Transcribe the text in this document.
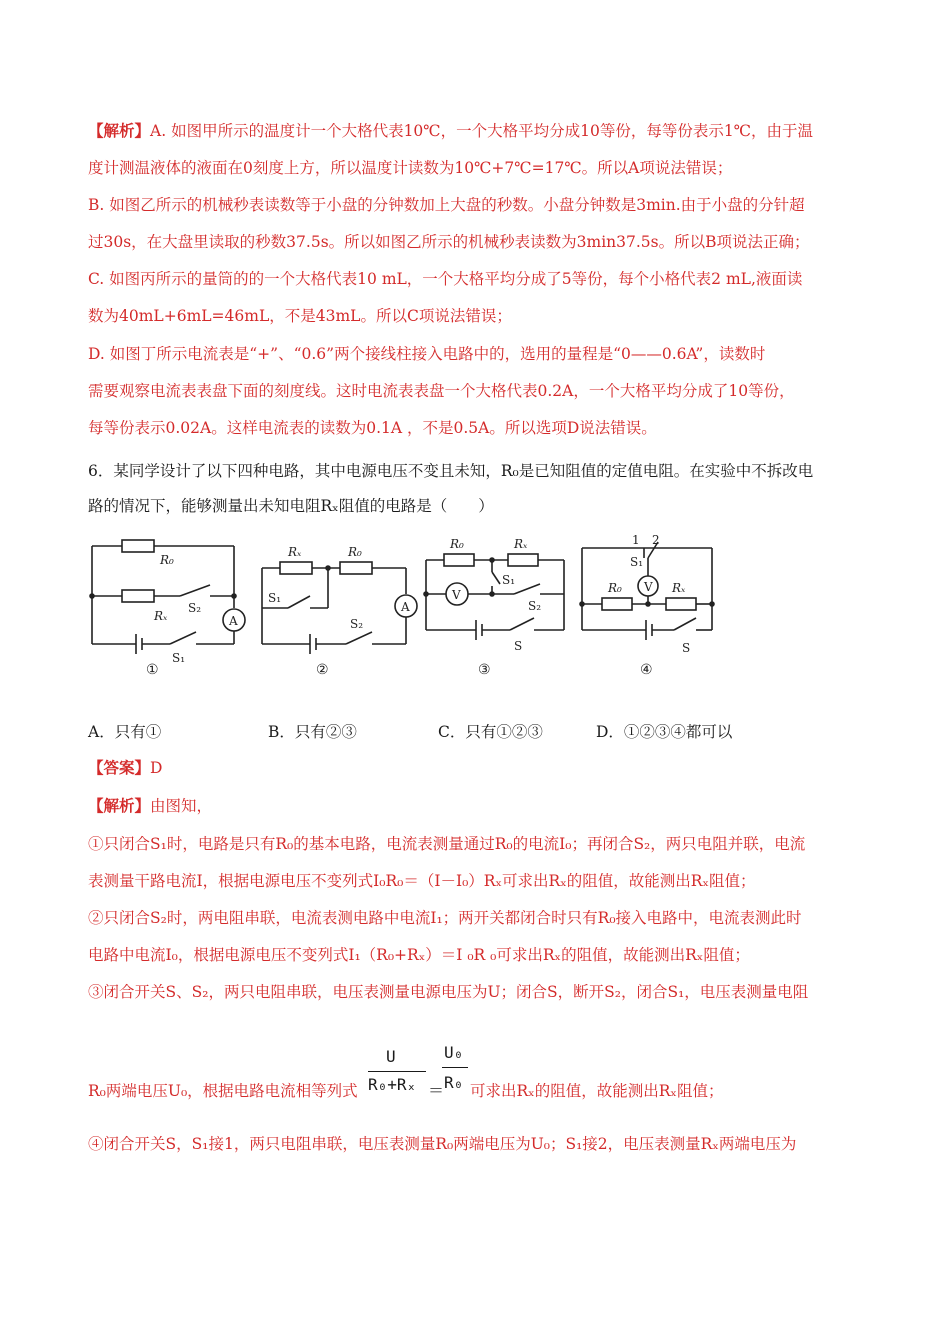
【解析】A. 如图甲所示的温度计一个大格代表10℃，一个大格平均分成10等份，每等份表示1℃，由于温
度计测温液体的液面在0刻度上方，所以温度计读数为10℃+7℃=17℃。所以A项说法错误；
B. 如图乙所示的机械秒表读数等于小盘的分钟数加上大盘的秒数。小盘分钟数是3min.由于小盘的分针超
过30s，在大盘里读取的秒数37.5s。所以如图乙所示的机械秒表读数为3min37.5s。所以B项说法正确；
C. 如图丙所示的量筒的的一个大格代表10 mL，一个大格平均分成了5等份，每个小格代表2 mL,液面读
数为40mL+6mL=46mL，不是43mL。所以C项说法错误；
D. 如图丁所示电流表是“+”、“0.6”两个接线柱接入电路中的，选用的量程是“0——0.6A”，读数时
需要观察电流表表盘下面的刻度线。这时电流表表盘一个大格代表0.2A，一个大格平均分成了10等份，
每等份表示0.02A。这样电流表的读数为0.1A ，不是0.5A。所以选项D说法错误。
6．某同学设计了以下四种电路，其中电源电压不变且未知，R₀是已知阻值的定值电阻。在实验中不拆改电
路的情况下，能够测量出未知电阻Rₓ阻值的电路是（　　）
R₀
Rₓ
S₂
A
S₁
①
Rₓ	R₀
S₁
S₂
A
②
R₀	Rₓ
S₁
V
S₂
S
③
1 2
S₁
V
R₀	Rₓ
S
④
A．只有①	B．只有②③	C．只有①②③	D．①②③④都可以
【答案】D
【解析】由图知，
①只闭合S₁时，电路是只有R₀的基本电路，电流表测量通过R₀的电流I₀；再闭合S₂，两只电阻并联，电流
表测量干路电流I，根据电源电压不变列式I₀R₀＝（I－I₀）Rₓ可求出Rₓ的阻值，故能测出Rₓ阻值；
②只闭合S₂时，两电阻串联，电流表测电路中电流I₁；两开关都闭合时只有R₀接入电路中，电流表测此时
电路中电流I₀，根据电源电压不变列式I₁（R₀+Rₓ）＝I ₀R ₀可求出Rₓ的阻值，故能测出Rₓ阻值；
③闭合开关S、S₂，两只电阻串联，电压表测量电源电压为U；闭合S，断开S₂，闭合S₁，电压表测量电阻
R₀两端电压U₀，根据电路电流相等列式
U
R₀+Rₓ ＝
U₀
R₀ 可求出Rₓ的阻值，故能测出Rₓ阻值；
④闭合开关S，S₁接1，两只电阻串联，电压表测量R₀两端电压为U₀；S₁接2，电压表测量Rₓ两端电压为
